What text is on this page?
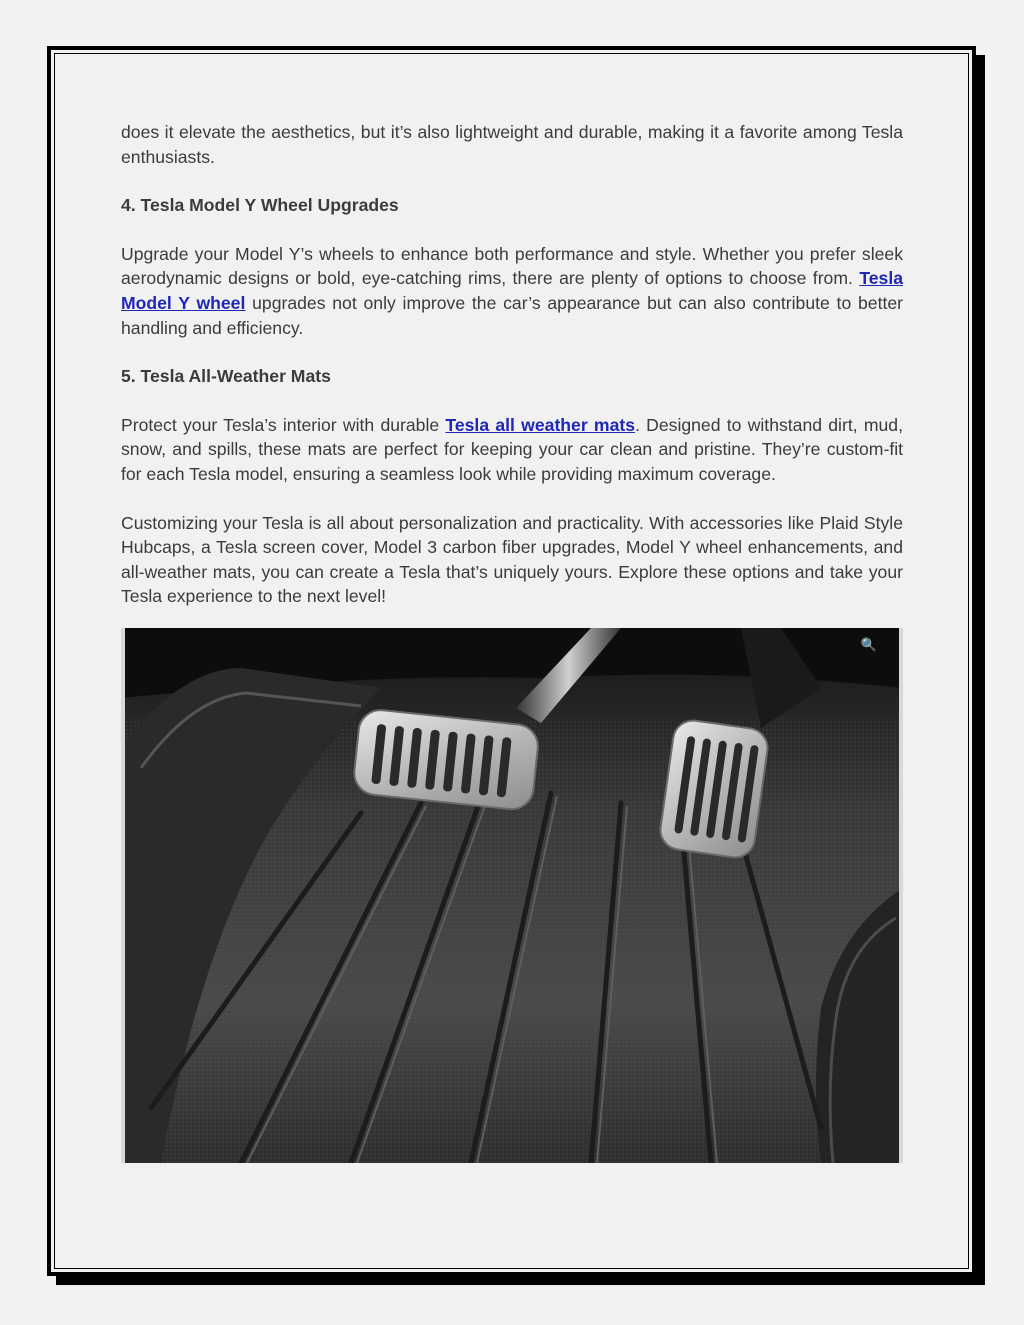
does it elevate the aesthetics, but it’s also lightweight and durable, making it a favorite among Tesla enthusiasts.

4. Tesla Model Y Wheel Upgrades

Upgrade your Model Y’s wheels to enhance both performance and style. Whether you prefer sleek aerodynamic designs or bold, eye-catching rims, there are plenty of options to choose from. Tesla Model Y wheel upgrades not only improve the car’s appearance but can also contribute to better handling and efficiency.

5. Tesla All-Weather Mats

Protect your Tesla’s interior with durable Tesla all weather mats. Designed to withstand dirt, mud, snow, and spills, these mats are perfect for keeping your car clean and pristine. They’re custom-fit for each Tesla model, ensuring a seamless look while providing maximum coverage.

Customizing your Tesla is all about personalization and practicality. With accessories like Plaid Style Hubcaps, a Tesla screen cover, Model 3 carbon fiber upgrades, Model Y wheel enhancements, and all-weather mats, you can create a Tesla that’s uniquely yours. Explore these options and take your Tesla experience to the next level!

🔍
